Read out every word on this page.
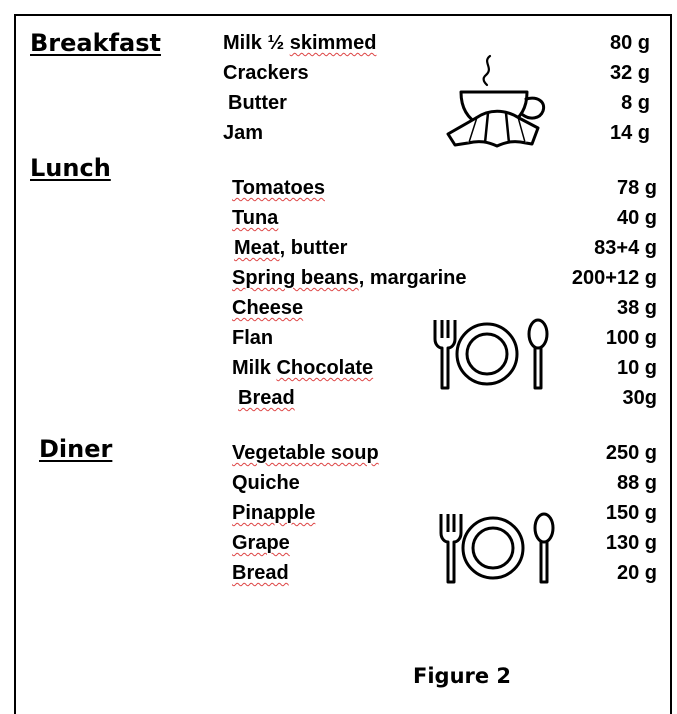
Breakfast
Lunch
Diner
Milk ½ skimmed	80 g
Crackers	32 g
Butter	8 g
Jam	14 g
Tomatoes	78 g
Tuna	40 g
Meat, butter	83+4 g
Spring beans, margarine	200+12 g
Cheese	38 g
Flan	100 g
Milk Chocolate	10 g
Bread	30g
Vegetable soup	250 g
Quiche	88 g
Pinapple	150 g
Grape	130 g
Bread	20 g
Figure 2
